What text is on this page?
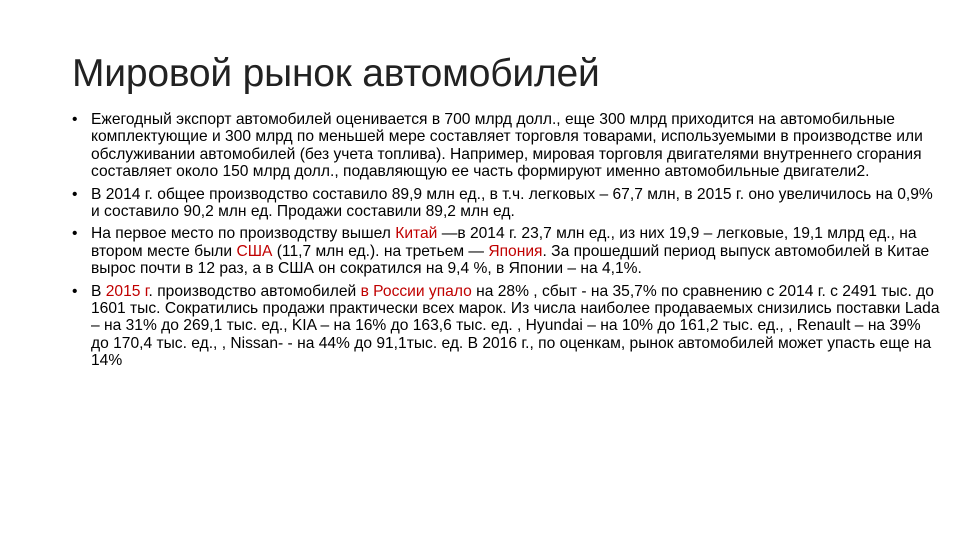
Мировой рынок автомобилей
• Ежегодный экспорт автомобилей оценивается в 700 млрд долл., еще 300 млрд приходится на автомобильные комплектующие и 300 млрд по меньшей мере составляет торговля товарами, используемыми в производстве или обслуживании автомобилей (без учета топлива). Например, мировая торговля двигателями внутреннего сгорания составляет около 150 млрд долл., подавляющую ее часть формируют именно автомобильные двигатели2.
• В 2014 г. общее производство составило 89,9 млн ед., в т.ч. легковых – 67,7 млн, в 2015 г. оно увеличилось на 0,9% и составило 90,2 млн ед. Продажи составили 89,2 млн ед.
• На первое место по производству вышел Китай —в 2014 г. 23,7 млн ед., из них 19,9 – легковые, 19,1 млрд ед., на втором месте были США (11,7 млн ед.). на третьем — Япония. За прошедший период выпуск автомобилей в Китае вырос почти в 12 раз, а в США он сократился на 9,4 %, в Японии – на 4,1%.
• В 2015 г. производство автомобилей в России упало на 28% , сбыт - на 35,7% по сравнению с 2014 г. с 2491 тыс. до 1601 тыс. Сократились продажи практически всех марок. Из числа наиболее продаваемых снизились поставки Lada – на 31% до 269,1 тыс. ед., KIA – на 16% до 163,6 тыс. ед. , Hyundai – на 10% до 161,2 тыс. ед., , Renault – на 39% до 170,4 тыс. ед., , Nissan- - на 44% до 91,1тыс. ед. В 2016 г., по оценкам, рынок автомобилей может упасть еще на 14%
